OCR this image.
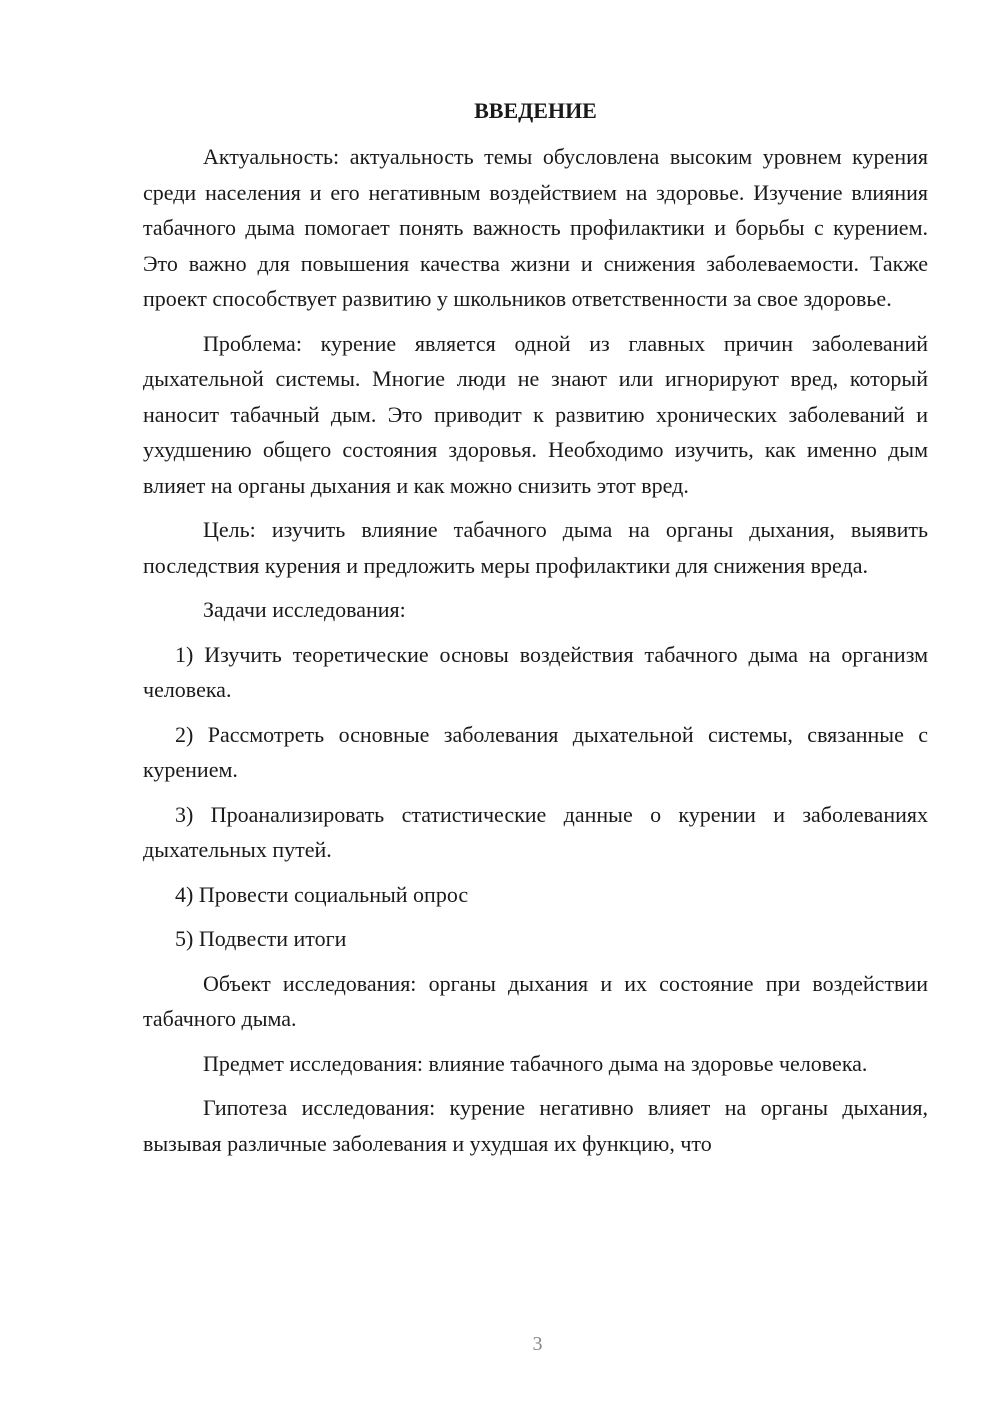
ВВЕДЕНИЕ

Актуальность: актуальность темы обусловлена высоким уровнем курения среди населения и его негативным воздействием на здоровье. Изучение влияния табачного дыма помогает понять важность профилактики и борьбы с курением. Это важно для повышения качества жизни и снижения заболеваемости. Также проект способствует развитию у школьников ответственности за свое здоровье.

Проблема: курение является одной из главных причин заболеваний дыхательной системы. Многие люди не знают или игнорируют вред, который наносит табачный дым. Это приводит к развитию хронических заболеваний и ухудшению общего состояния здоровья. Необходимо изучить, как именно дым влияет на органы дыхания и как можно снизить этот вред.

Цель: изучить влияние табачного дыма на органы дыхания, выявить последствия курения и предложить меры профилактики для снижения вреда.

Задачи исследования:

1) Изучить теоретические основы воздействия табачного дыма на организм человека.

2) Рассмотреть основные заболевания дыхательной системы, связанные с курением.

3) Проанализировать статистические данные о курении и заболеваниях дыхательных путей.

4) Провести социальный опрос

5) Подвести итоги

Объект исследования: органы дыхания и их состояние при воздействии табачного дыма.

Предмет исследования: влияние табачного дыма на здоровье человека.

Гипотеза исследования: курение негативно влияет на органы дыхания, вызывая различные заболевания и ухудшая их функцию, что

3
